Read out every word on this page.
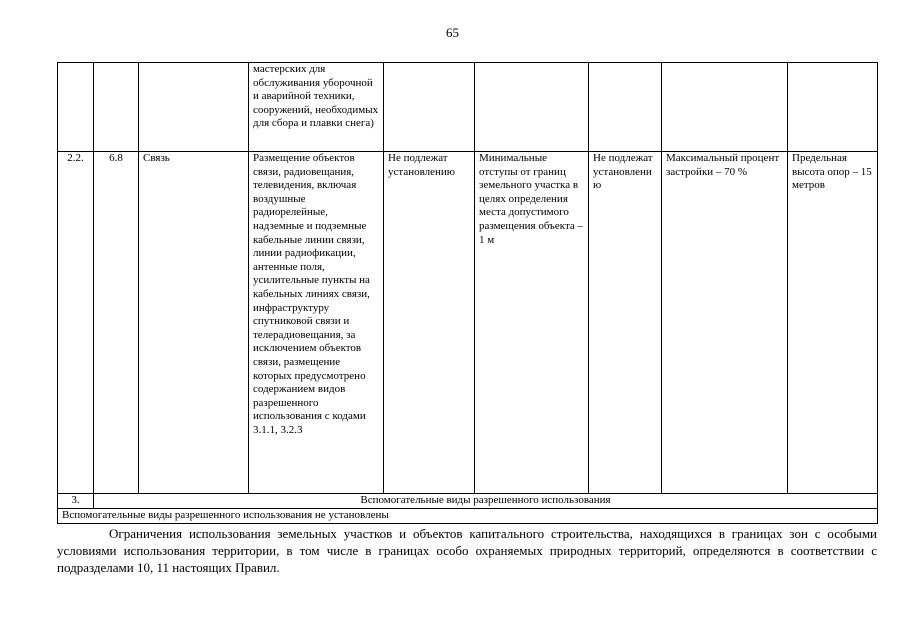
65
			мастерских для обслуживания уборочной и аварийной техники, сооружений, необходимых для сбора и плавки снега)					
2.2.	6.8	Связь	Размещение объектов связи, радиовещания, телевидения, включая воздушные радиорелейные, надземные и подземные кабельные линии связи, линии радиофикации, антенные поля, усилительные пункты на кабельных линиях связи, инфраструктуру спутниковой связи и телерадиовещания, за исключением объектов связи, размещение которых предусмотрено содержанием видов разрешенного использования с кодами 3.1.1, 3.2.3	Не подлежат установлению	Минимальные отступы от границ земельного участка в целях определения места допустимого размещения объекта – 1 м	Не подлежат установлению	Максимальный процент застройки – 70 %	Предельная высота опор – 15 метров
3.	Вспомогательные виды разрешенного использования							
Вспомогательные виды разрешенного использования не установлены								

Ограничения использования земельных участков и объектов капитального строительства, находящихся в границах зон с особыми условиями использования территории, в том числе в границах особо охраняемых природных территорий, определяются в соответствии с подразделами 10, 11 настоящих Правил.
